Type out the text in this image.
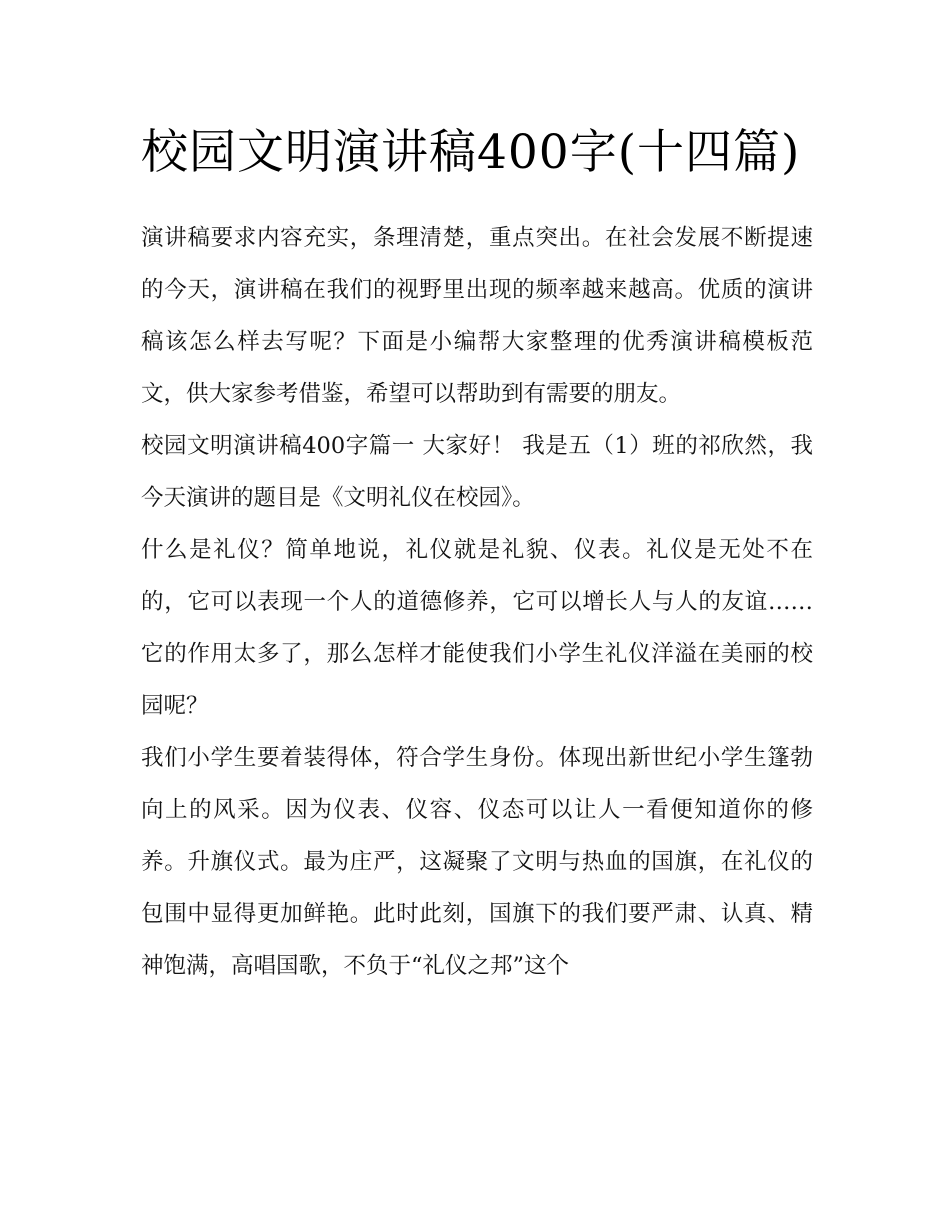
校园文明演讲稿400字(十四篇)

演讲稿要求内容充实，条理清楚，重点突出。在社会发展不断提速的今天，演讲稿在我们的视野里出现的频率越来越高。优质的演讲稿该怎么样去写呢？下面是小编帮大家整理的优秀演讲稿模板范文，供大家参考借鉴，希望可以帮助到有需要的朋友。

校园文明演讲稿400字篇一 大家好！ 我是五（1）班的祁欣然，我今天演讲的题目是《文明礼仪在校园》。

什么是礼仪？简单地说，礼仪就是礼貌、仪表。礼仪是无处不在的，它可以表现一个人的道德修养，它可以增长人与人的友谊……它的作用太多了，那么怎样才能使我们小学生礼仪洋溢在美丽的校园呢？

我们小学生要着装得体，符合学生身份。体现出新世纪小学生篷勃向上的风采。因为仪表、仪容、仪态可以让人一看便知道你的修养。升旗仪式。最为庄严，这凝聚了文明与热血的国旗，在礼仪的包围中显得更加鲜艳。此时此刻，国旗下的我们要严肃、认真、精神饱满，高唱国歌，不负于“礼仪之邦”这个
